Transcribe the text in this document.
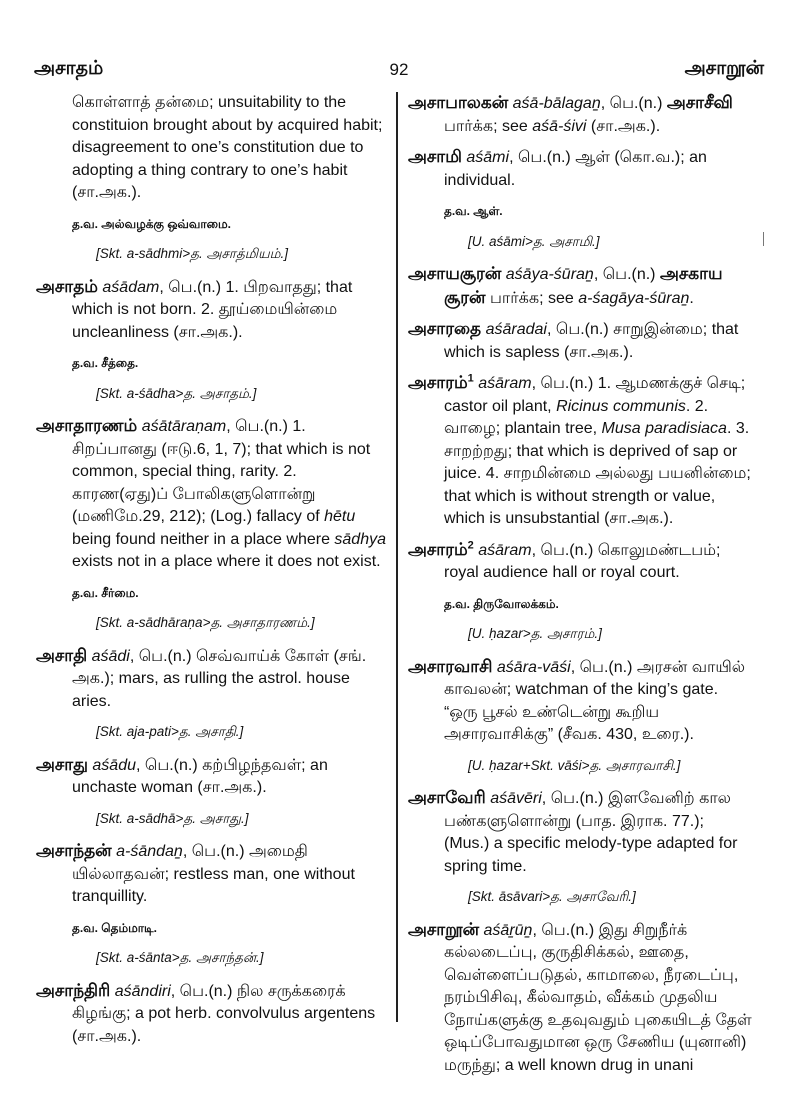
அசாதம்	92	அசாறூன்
கொள்ளாத் தன்மை; unsuitability to the constituion brought about by acquired habit; disagreement to one’s constitution due to adopting a thing contrary to one’s habit (சா.அக.).
த.வ. அல்வழக்கு ஒவ்வாமை.
[Skt. a-sādhmi>த. அசாத்மியம்.]
அசாதம் aśādam, பெ.(n.) 1. பிறவாதது; that which is not born. 2. தூய்மையின்மை uncleanliness (சா.அக.).
த.வ. சீத்தை.
[Skt. a-śādha>த. அசாதம்.]
அசாதாரணம் aśātāraṇam, பெ.(n.) 1. சிறப்பானது (ஈடு.6, 1, 7); that which is not common, special thing, rarity. 2. காரண(ஏது)ப் போலிகளுளொன்று (மணிமே.29, 212); (Log.) fallacy of hētu being found neither in a place where sādhya exists not in a place where it does not exist.
த.வ. சீர்மை.
[Skt. a-sādhāraṇa>த. அசாதாரணம்.]
அசாதி aśādi, பெ.(n.) செவ்வாய்க் கோள் (சங். அக.); mars, as rulling the astrol. house aries.
[Skt. aja-pati>த. அசாதி.]
அசாது aśādu, பெ.(n.) கற்பிழந்தவள்; an unchaste woman (சா.அக.).
[Skt. a-sādhā>த. அசாது.]
அசாந்தன் a-śāndaṉ, பெ.(n.) அமைதி யில்லாதவன்; restless man, one without tranquillity.
த.வ. தெம்மாடி.
[Skt. a-śānta>த. அசாந்தன்.]
அசாந்திரி aśāndiri, பெ.(n.) நில சருக்கரைக் கிழங்கு; a pot herb. convolvulus argentens (சா.அக.).
அசாபாலகன் aśā-bālagaṉ, பெ.(n.) அசாசீவி பார்க்க; see aśā-śivi (சா.அக.).
அசாமி aśāmi, பெ.(n.) ஆள் (கொ.வ.); an individual.
த.வ. ஆள்.
[U. aśāmi>த. அசாமி.]
அசாயசூரன் aśāya-śūraṉ, பெ.(n.) அசகாய சூரன் பார்க்க; see a-śagāya-śūraṉ.
அசாரதை aśāradai, பெ.(n.) சாறுஇன்மை; that which is sapless (சா.அக.).
அசாரம்$^1$ aśāram, பெ.(n.) 1. ஆமணக்குச் செடி; castor oil plant, Ricinus communis. 2. வாழை; plantain tree, Musa paradisiaca. 3. சாறற்றது; that which is deprived of sap or juice. 4. சாறமின்மை அல்லது பயனின்மை; that which is without strength or value, which is unsubstantial (சா.அக.).
அசாரம்$^2$ aśāram, பெ.(n.) கொலுமண்டபம்; royal audience hall or royal court.
த.வ. திருவோலக்கம்.
[U. ḥazar>த. அசாரம்.]
அசாரவாசி aśāra-vāśi, பெ.(n.) அரசன் வாயில் காவலன்; watchman of the king’s gate. “ஒரு பூசல் உண்டென்று கூறிய அசாரவாசிக்கு” (சீவக. 430, உரை.).
[U. ḥazar+Skt. vāśi>த. அசாரவாசி.]
அசாவேரி aśāvēri, பெ.(n.) இளவேனிற் கால பண்களுளொன்று (பாத. இராக. 77.); (Mus.) a specific melody-type adapted for spring time.
[Skt. āsāvari>த. அசாவேரி.]
அசாறூன் aśāṟūṉ, பெ.(n.) இது சிறுநீர்க் கல்லடைப்பு, குருதிசிக்கல், ஊதை, வெள்ளைப்படுதல், காமாலை, நீரடைப்பு, நரம்பிசிவு, கீல்வாதம், வீக்கம் முதலிய நோய்களுக்கு உதவுவதும் புகையிடத் தேள் ஒடிப்போவதுமான ஒரு சேணிய (யுனானி) மருந்து; a well known drug in unani
